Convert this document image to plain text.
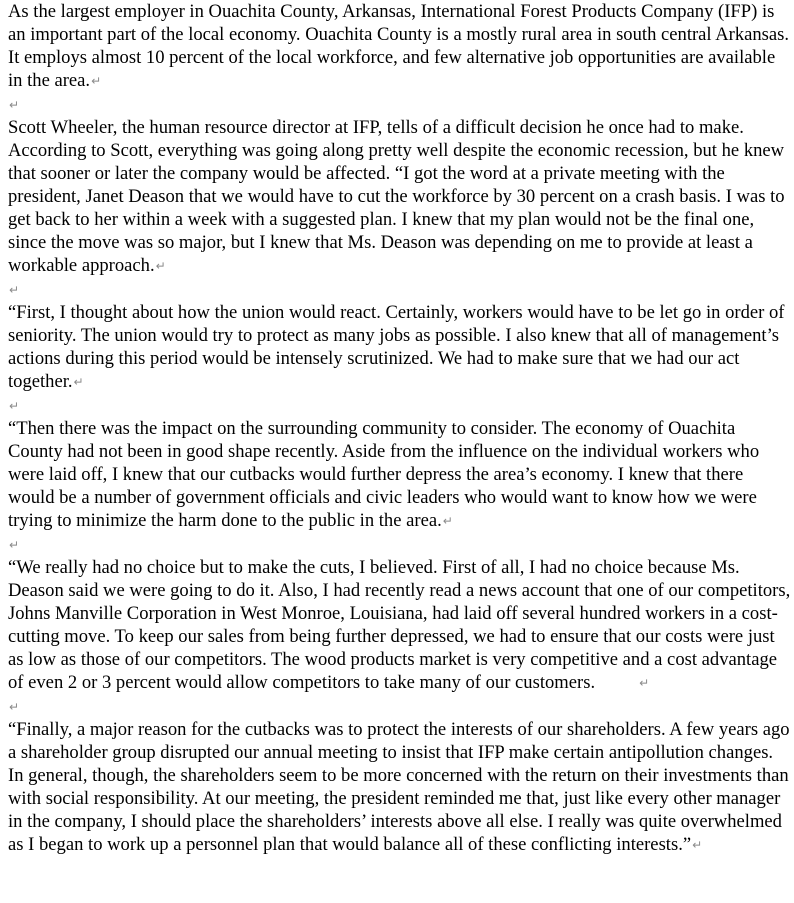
As the largest employer in Ouachita County, Arkansas, International Forest Products Company (IFP) is an important part of the local economy. Ouachita County is a mostly rural area in south central Arkansas. It employs almost 10 percent of the local workforce, and few alternative job opportunities are available in the area.↵

↵

Scott Wheeler, the human resource director at IFP, tells of a difficult decision he once had to make. According to Scott, everything was going along pretty well despite the economic recession, but he knew that sooner or later the company would be affected. “I got the word at a private meeting with the president, Janet Deason that we would have to cut the workforce by 30 percent on a crash basis. I was to get back to her within a week with a suggested plan. I knew that my plan would not be the final one, since the move was so major, but I knew that Ms. Deason was depending on me to provide at least a workable approach.↵

↵

“First, I thought about how the union would react. Certainly, workers would have to be let go in order of seniority. The union would try to protect as many jobs as possible. I also knew that all of management’s actions during this period would be intensely scrutinized. We had to make sure that we had our act together.↵

↵

“Then there was the impact on the surrounding community to consider. The economy of Ouachita County had not been in good shape recently. Aside from the influence on the individual workers who were laid off, I knew that our cutbacks would further depress the area’s economy. I knew that there would be a number of government officials and civic leaders who would want to know how we were trying to minimize the harm done to the public in the area.↵

↵

“We really had no choice but to make the cuts, I believed. First of all, I had no choice because Ms. Deason said we were going to do it. Also, I had recently read a news account that one of our competitors, Johns Manville Corporation in West Monroe, Louisiana, had laid off several hundred workers in a cost-cutting move. To keep our sales from being further depressed, we had to ensure that our costs were just as low as those of our competitors. The wood products market is very competitive and a cost advantage of even 2 or 3 percent would allow competitors to take many of our customers.	↵

↵

“Finally, a major reason for the cutbacks was to protect the interests of our shareholders. A few years ago a shareholder group disrupted our annual meeting to insist that IFP make certain antipollution changes. In general, though, the shareholders seem to be more concerned with the return on their investments than with social responsibility. At our meeting, the president reminded me that, just like every other manager in the company, I should place the shareholders’ interests above all else. I really was quite overwhelmed as I began to work up a personnel plan that would balance all of these conflicting interests.”↵
